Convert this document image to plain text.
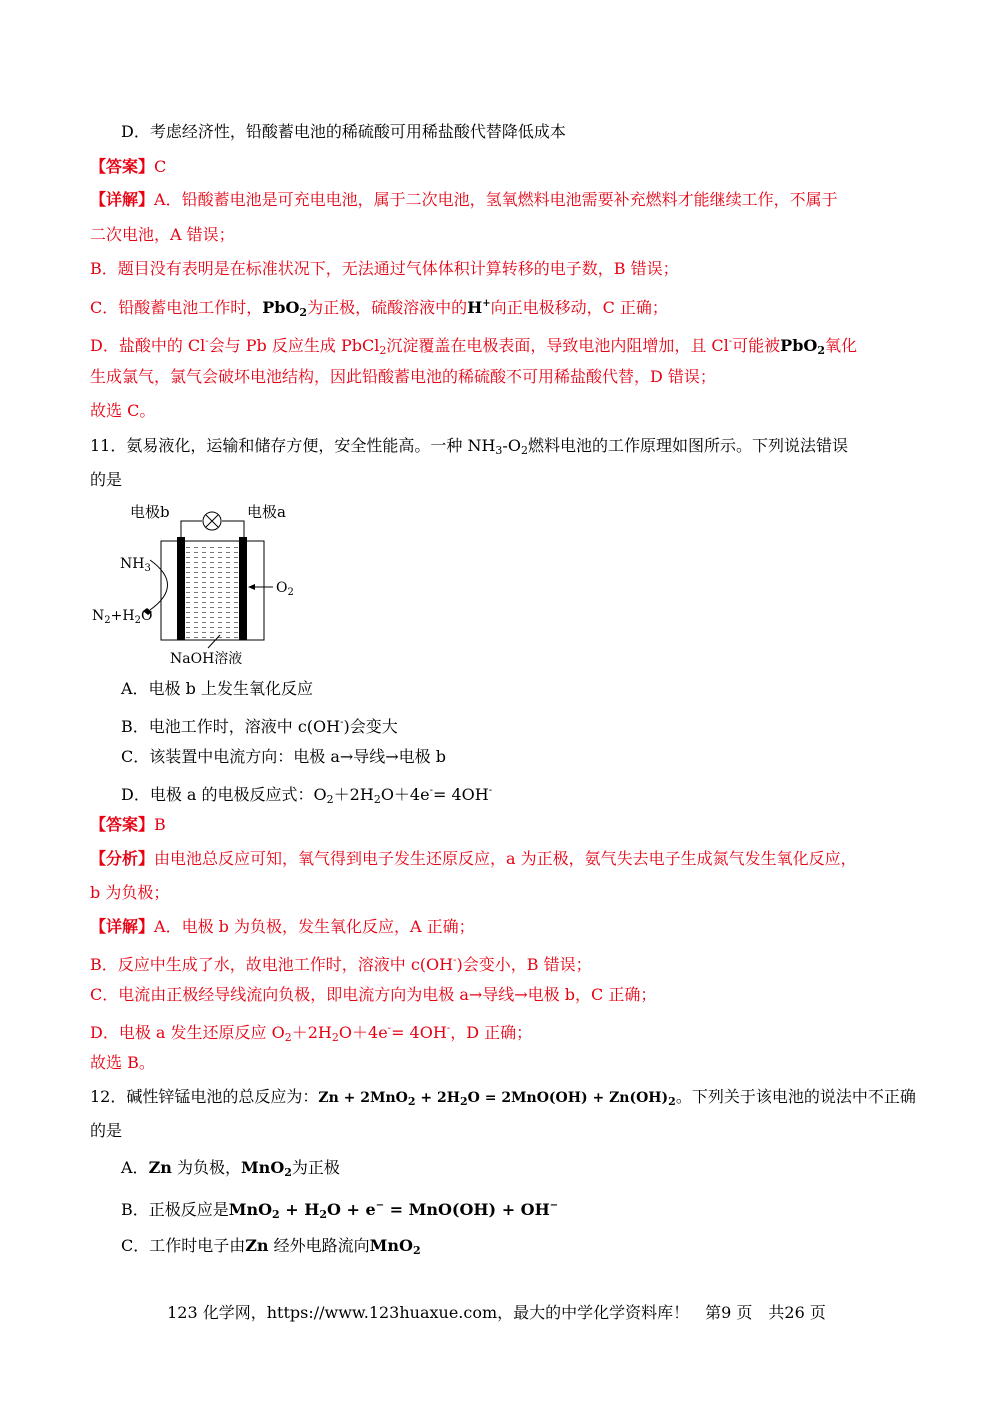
D．考虑经济性，铅酸蓄电池的稀硫酸可用稀盐酸代替降低成本
【答案】C
【详解】A．铅酸蓄电池是可充电电池，属于二次电池，氢氧燃料电池需要补充燃料才能继续工作，不属于
二次电池，A 错误；
B．题目没有表明是在标准状况下，无法通过气体体积计算转移的电子数，B 错误；
C．铅酸蓄电池工作时，PbO$_2$为正极，硫酸溶液中的H+向正电极移动，C 正确；
D．盐酸中的 Cl-会与 Pb 反应生成 PbCl$_2$沉淀覆盖在电极表面，导致电池内阻增加，且 Cl-可能被PbO$_2$氧化
生成氯气，氯气会破坏电池结构，因此铅酸蓄电池的稀硫酸不可用稀盐酸代替，D 错误；
故选 C。
11．氨易液化，运输和储存方便，安全性能高。一种 $NH_3-O_2$燃料电池的工作原理如图所示。下列说法错误
的是
电极b	电极a
$NH_3$
$N_2+H_2O$
$O_2$
NaOH溶液
A．电极 b 上发生氧化反应
B．电池工作时，溶液中 c(OH-)会变大
C．该装置中电流方向：电极 a→导线→电极 b
D．电极 a 的电极反应式：$O_2+2H_2O+4e^-= 4OH^-$
【答案】B
【分析】由电池总反应可知，氧气得到电子发生还原反应，a 为正极，氨气失去电子生成氮气发生氧化反应，
b 为负极；
【详解】A．电极 b 为负极，发生氧化反应，A 正确；
B．反应中生成了水，故电池工作时，溶液中 c(OH-)会变小，B 错误；
C．电流由正极经导线流向负极，即电流方向为电极 a→导线→电极 b，C 正确；
D．电极 a 发生还原反应 $O_2+2H_2O+4e^-= 4OH^-$，D 正确；
故选 B。
12．碱性锌锰电池的总反应为：$Zn + 2MnO_2 + 2H_2O = 2MnO(OH) + Zn(OH)_2$。下列关于该电池的说法中不正确
的是
A．Zn 为负极，MnO$_2$为正极
B．正极反应是$MnO_2 + H_2O + e^- = MnO(OH) + OH^-$
C．工作时电子由Zn 经外电路流向MnO$_2$
123 化学网，https://www.123huaxue.com，最大的中学化学资料库！　第9 页　共26 页
